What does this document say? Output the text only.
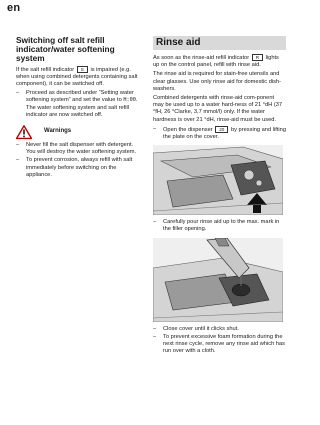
en
Switching off salt refill indicator/water softening system

If the salt refill indicator S is impaired (e.g. when using combined detergents containing salt component), it can be switched off.

– Proceed as described under “Setting water softening system” and set the value to H:00.
The water softening system and salt refill indicator are now switched off.
Warnings
– Never fill the salt dispenser with detergent. You will destroy the water softening system.
– To prevent corrosion, always refill with salt immediately before switching on the appliance.
Rinse aid

As soon as the rinse-aid refill indicator R lights up on the control panel, refill with rinse aid.

The rinse aid is required for stain-free utensils and clear glasses. Use only rinse aid for domestic dish-washers.

Combined detergents with rinse-aid com-ponent may be used up to a water hard-ness of 21 °dH (37 °fH, 26 °Clarke, 3,7 mmol/l) only. If the water hardness is over 21 °dH, rinse-aid must be used.

– Open the dispenser 20 by pressing and lifting the plate on the cover.
– Carefully pour rinse aid up to the max. mark in the filler opening.
– Close cover until it clicks shut.
– To prevent excessive foam formation during the next rinse cycle, remove any rinse aid which has run over with a cloth.
